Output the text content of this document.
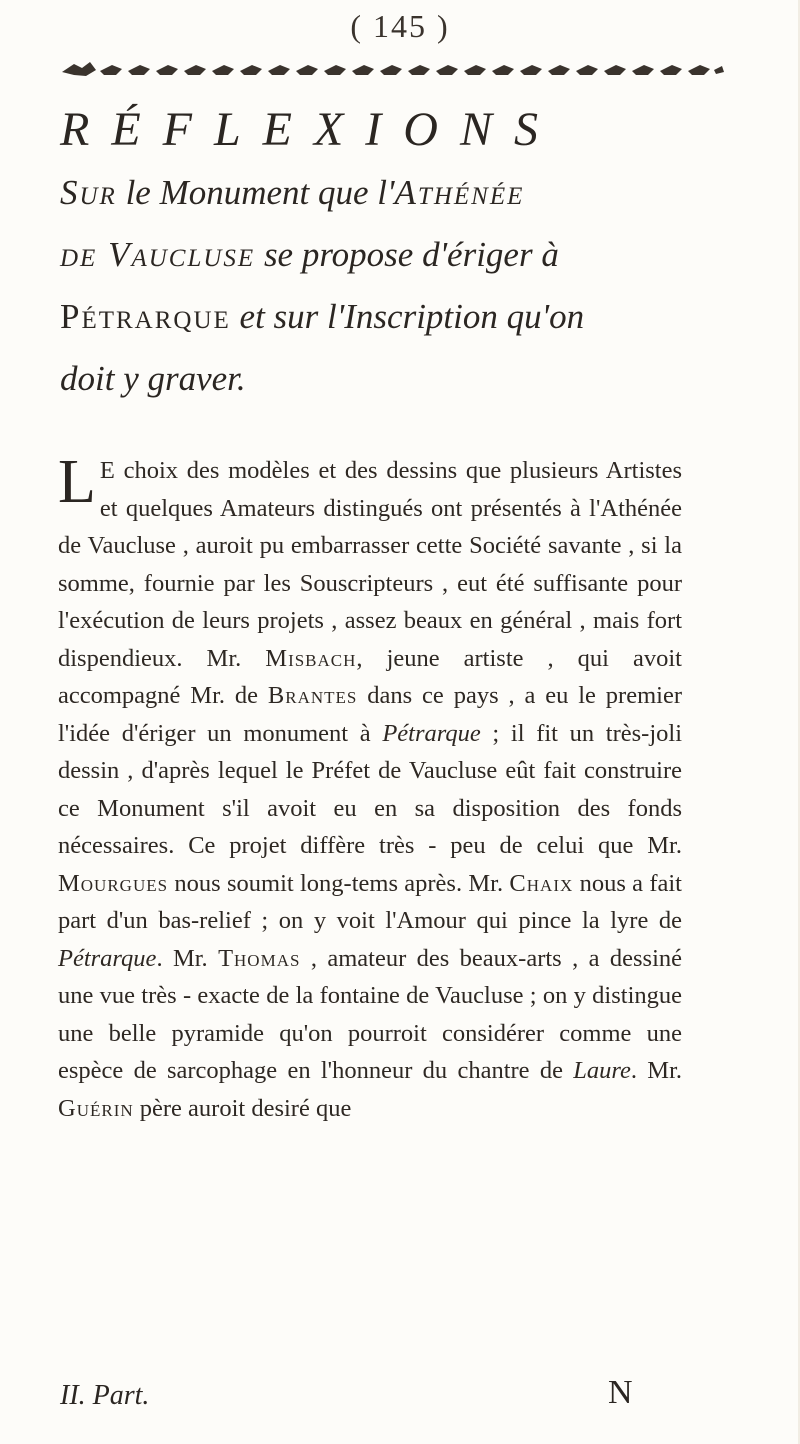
( 145 )
RÉFLEXIONS
Sur le Monument que l'Athénée
de Vaucluse se propose d'ériger à
Pétrarque et sur l'Inscription qu'on
doit y graver.
L E choix des modèles et des dessins que plusieurs Artistes et quelques Amateurs distingués ont présentés à l'Athénée de Vaucluse , auroit pu embarrasser cette Société savante , si la somme, fournie par les Souscripteurs , eut été suffisante pour l'exécution de leurs projets , assez beaux en général , mais fort dispendieux. Mr. Misbach, jeune artiste , qui avoit accompagné Mr. de Brantes dans ce pays , a eu le premier l'idée d'ériger un monument à Pétrarque ; il fit un très-joli dessin , d'après lequel le Préfet de Vaucluse eût fait construire ce Monument s'il avoit eu en sa disposition des fonds nécessaires. Ce projet diffère très - peu de celui que Mr. Mourgues nous soumit long-tems après. Mr. Chaix nous a fait part d'un bas-relief ; on y voit l'Amour qui pince la lyre de Pétrarque. Mr. Thomas , amateur des beaux-arts , a dessiné une vue très - exacte de la fontaine de Vaucluse ; on y distingue une belle pyramide qu'on pourroit considérer comme une espèce de sarcophage en l'honneur du chantre de Laure. Mr. Guérin père auroit desiré que
II. Part.	N
